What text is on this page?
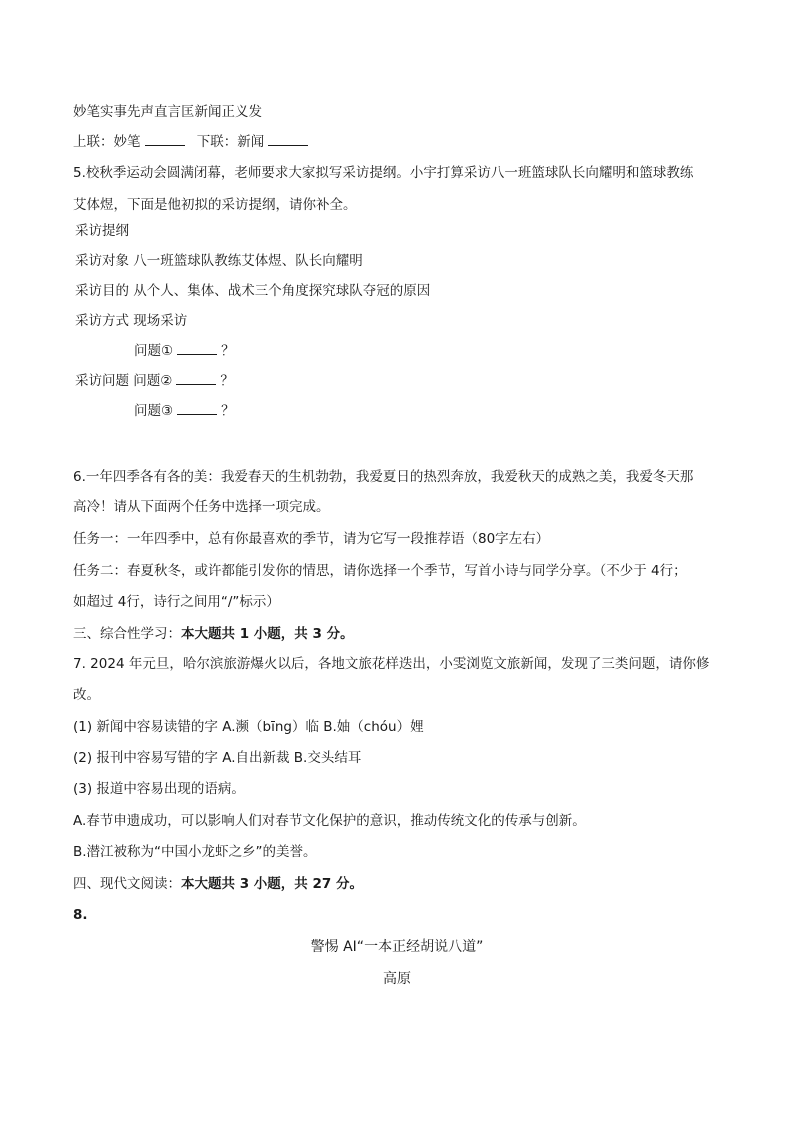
妙笔实事先声直言匡新闻正义发
上联：妙笔	下联：新闻
5.校秋季运动会圆满闭幕，老师要求大家拟写采访提纲。小宇打算采访八一班篮球队长向耀明和篮球教练
艾体煜，下面是他初拟的采访提纲，请你补全。
采访提纲
采访对象 八一班篮球队教练艾体煜、队长向耀明
采访目的 从个人、集体、战术三个角度探究球队夺冠的原因
采访方式 现场采访
问题①	？
采访问题 问题②	？
问题③	？
6.一年四季各有各的美：我爱春天的生机勃勃，我爱夏日的热烈奔放，我爱秋天的成熟之美，我爱冬天那
高冷！请从下面两个任务中选择一项完成。
任务一：一年四季中，总有你最喜欢的季节，请为它写一段推荐语（80字左右）
任务二：春夏秋冬，或许都能引发你的情思，请你选择一个季节，写首小诗与同学分享。（不少于 4行；
如超过 4行，诗行之间用“/”标示）
三、综合性学习：本大题共 1 小题，共 3 分。
7. 2024 年元旦，哈尔滨旅游爆火以后，各地文旅花样迭出，小雯浏览文旅新闻，发现了三类问题，请你修
改。
(1) 新闻中容易读错的字 A.濒（bīng）临 B.妯（chóu）娌
(2) 报刊中容易写错的字 A.自出新裁 B.交头结耳
(3) 报道中容易出现的语病。
A.春节申遗成功，可以影响人们对春节文化保护的意识，推动传统文化的传承与创新。
B.潜江被称为“中国小龙虾之乡”的美誉。
四、现代文阅读：本大题共 3 小题，共 27 分。
8.
警惕 AI“一本正经胡说八道”
高原
